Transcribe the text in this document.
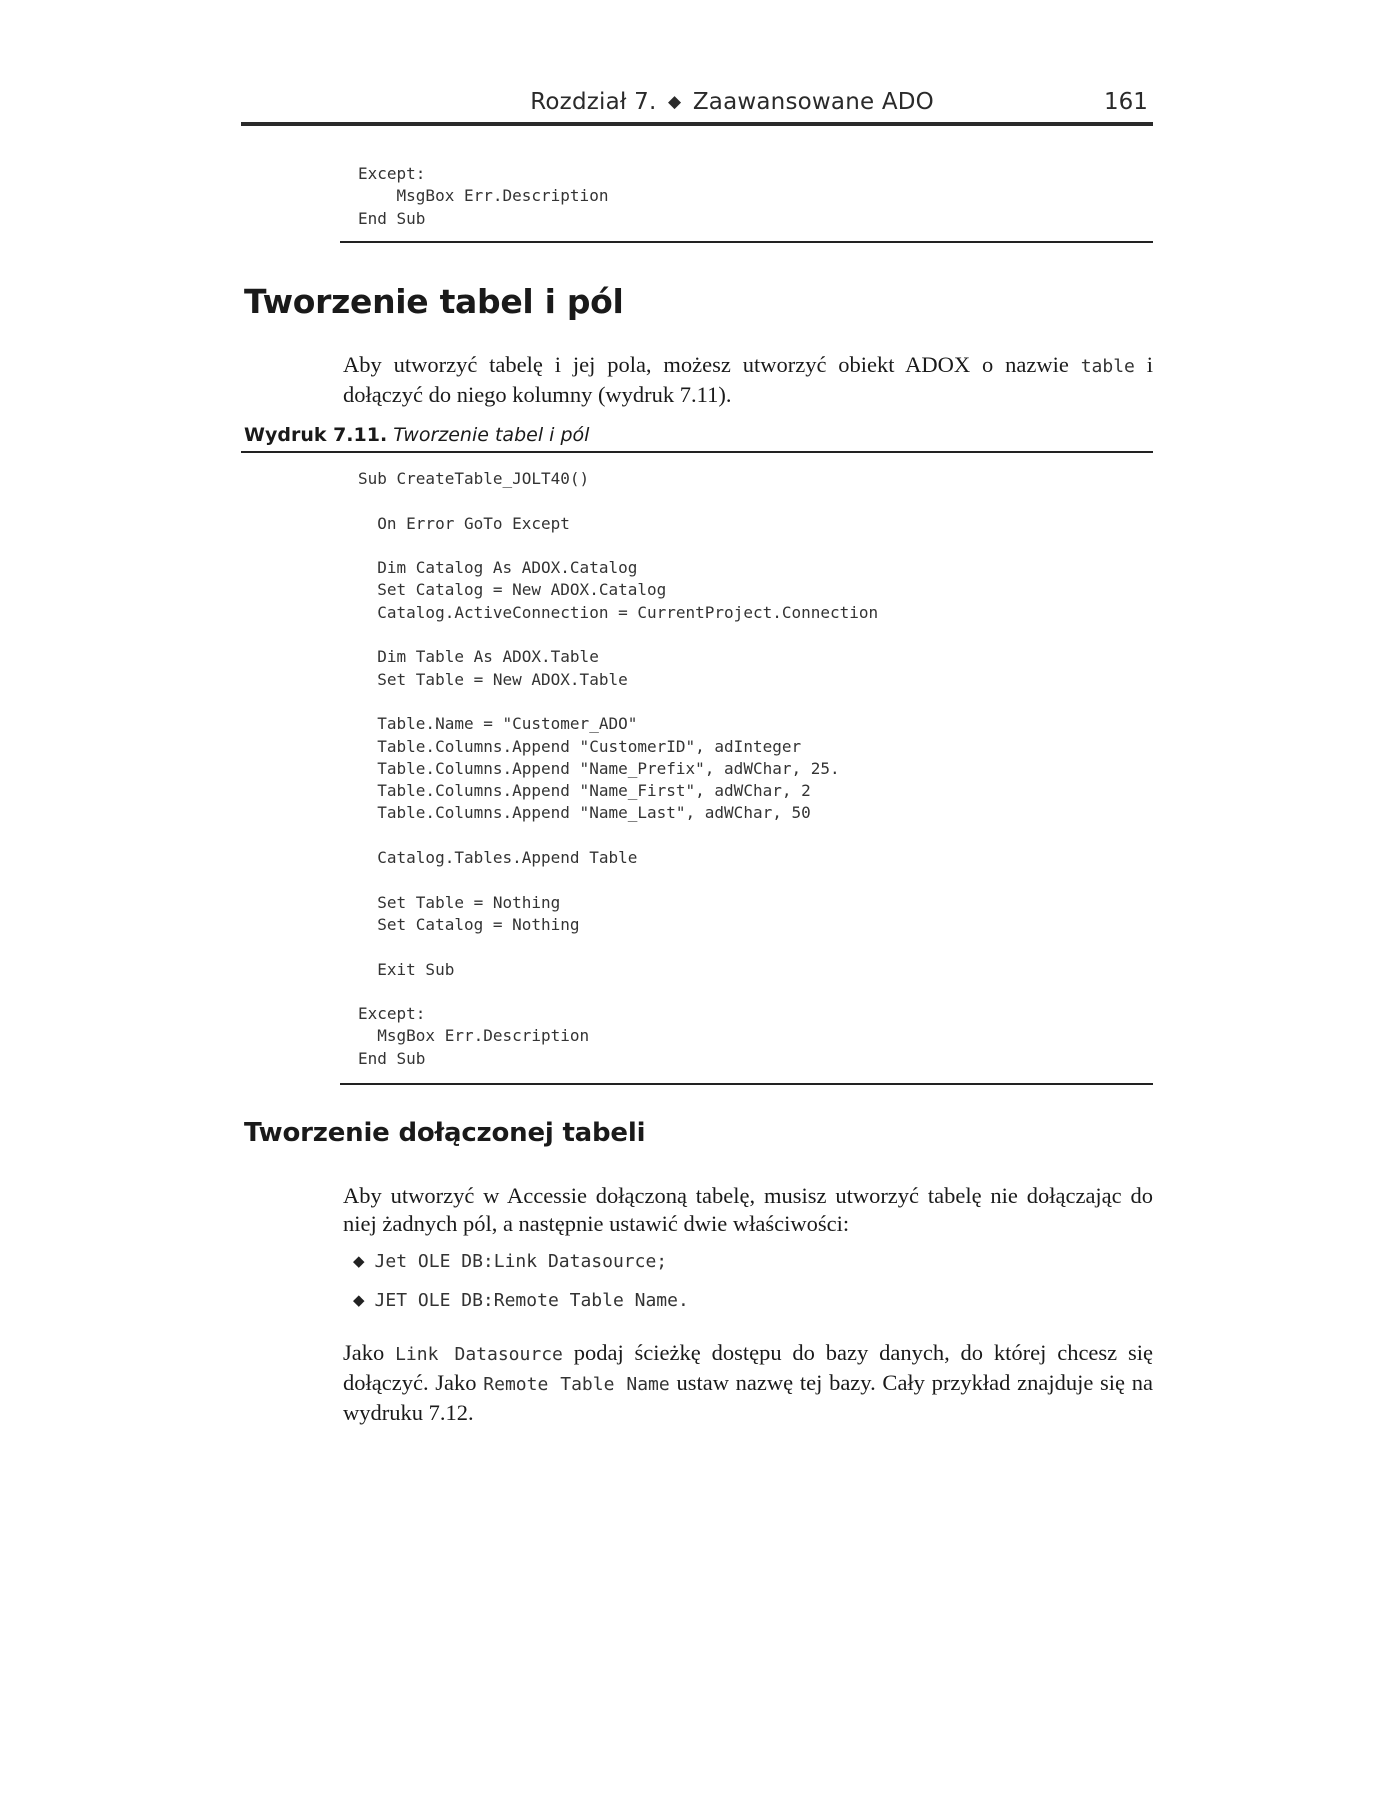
Rozdział 7. ◆ Zaawansowane ADO	161
Except:
MsgBox Err.Description
End Sub
Tworzenie tabel i pól

Aby utworzyć tabelę i jej pola, możesz utworzyć obiekt ADOX o nazwie table i dołączyć do niego kolumny (wydruk 7.11).

Wydruk 7.11. Tworzenie tabel i pól
Sub CreateTable_JOLT40()

On Error GoTo Except

Dim Catalog As ADOX.Catalog
Set Catalog = New ADOX.Catalog
Catalog.ActiveConnection = CurrentProject.Connection

Dim Table As ADOX.Table
Set Table = New ADOX.Table

Table.Name = "Customer_ADO"
Table.Columns.Append "CustomerID", adInteger
Table.Columns.Append "Name_Prefix", adWChar, 25.
Table.Columns.Append "Name_First", adWChar, 2
Table.Columns.Append "Name_Last", adWChar, 50

Catalog.Tables.Append Table

Set Table = Nothing
Set Catalog = Nothing

Exit Sub

Except:
MsgBox Err.Description
End Sub
Tworzenie dołączonej tabeli

Aby utworzyć w Accessie dołączoną tabelę, musisz utworzyć tabelę nie dołączając do niej żadnych pól, a następnie ustawić dwie właściwości:

◆ Jet OLE DB:Link Datasource;
◆ JET OLE DB:Remote Table Name.

Jako Link Datasource podaj ścieżkę dostępu do bazy danych, do której chcesz się dołączyć. Jako Remote Table Name ustaw nazwę tej bazy. Cały przykład znajduje się na wydruku 7.12.
